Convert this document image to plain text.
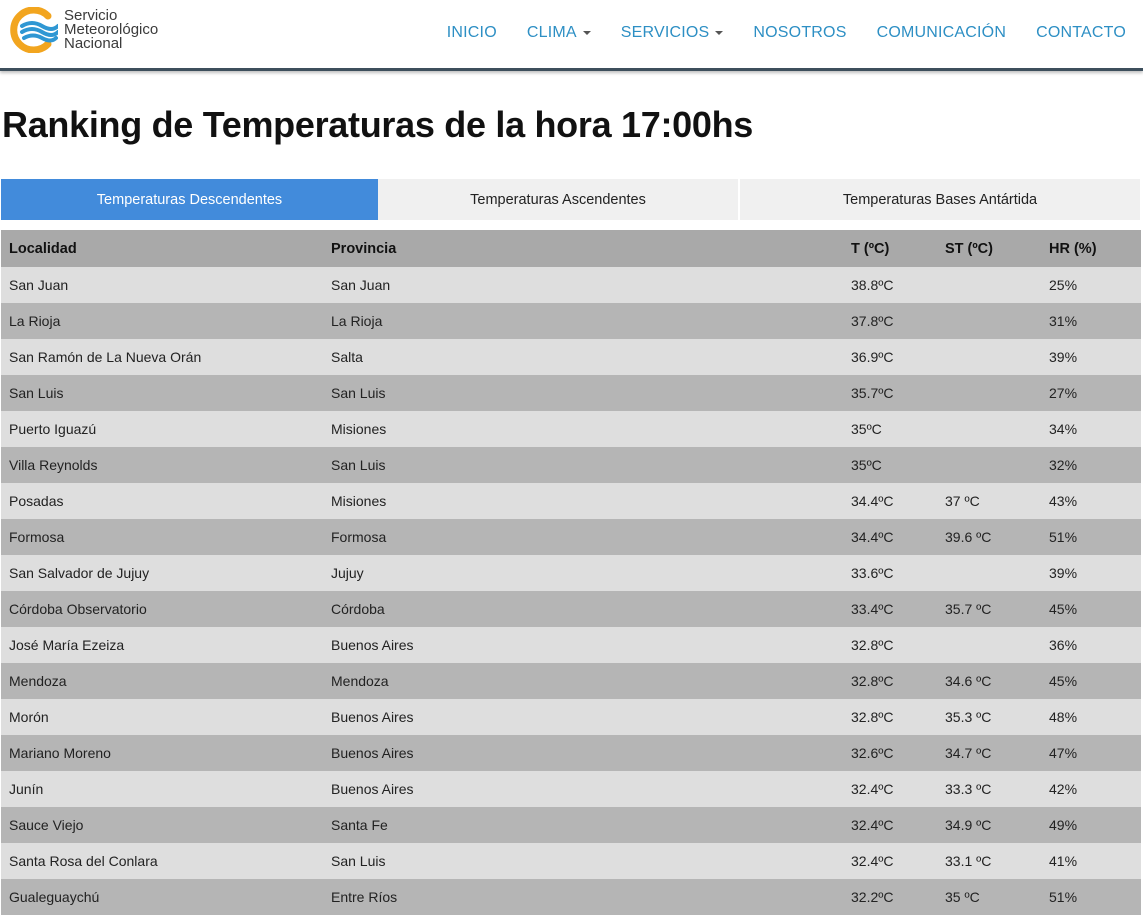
Servicio
Meteorológico
Nacional
INICIO CLIMA	SERVICIOS	NOSOTROS COMUNICACIÓN CONTACTO
Ranking de Temperaturas de la hora 17:00hs
Temperaturas Descendentes	Temperaturas Ascendentes	Temperaturas Bases Antártida
Localidad	Provincia	T (ºC)	ST (ºC)	HR (%)
San Juan	San Juan	38.8ºC		25%
La Rioja	La Rioja	37.8ºC		31%
San Ramón de La Nueva Orán	Salta	36.9ºC		39%
San Luis	San Luis	35.7ºC		27%
Puerto Iguazú	Misiones	35ºC		34%
Villa Reynolds	San Luis	35ºC		32%
Posadas	Misiones	34.4ºC	37 ºC	43%
Formosa	Formosa	34.4ºC	39.6 ºC	51%
San Salvador de Jujuy	Jujuy	33.6ºC		39%
Córdoba Observatorio	Córdoba	33.4ºC	35.7 ºC	45%
José María Ezeiza	Buenos Aires	32.8ºC		36%
Mendoza	Mendoza	32.8ºC	34.6 ºC	45%
Morón	Buenos Aires	32.8ºC	35.3 ºC	48%
Mariano Moreno	Buenos Aires	32.6ºC	34.7 ºC	47%
Junín	Buenos Aires	32.4ºC	33.3 ºC	42%
Sauce Viejo	Santa Fe	32.4ºC	34.9 ºC	49%
Santa Rosa del Conlara	San Luis	32.4ºC	33.1 ºC	41%
Gualeguaychú	Entre Ríos	32.2ºC	35 ºC	51%
